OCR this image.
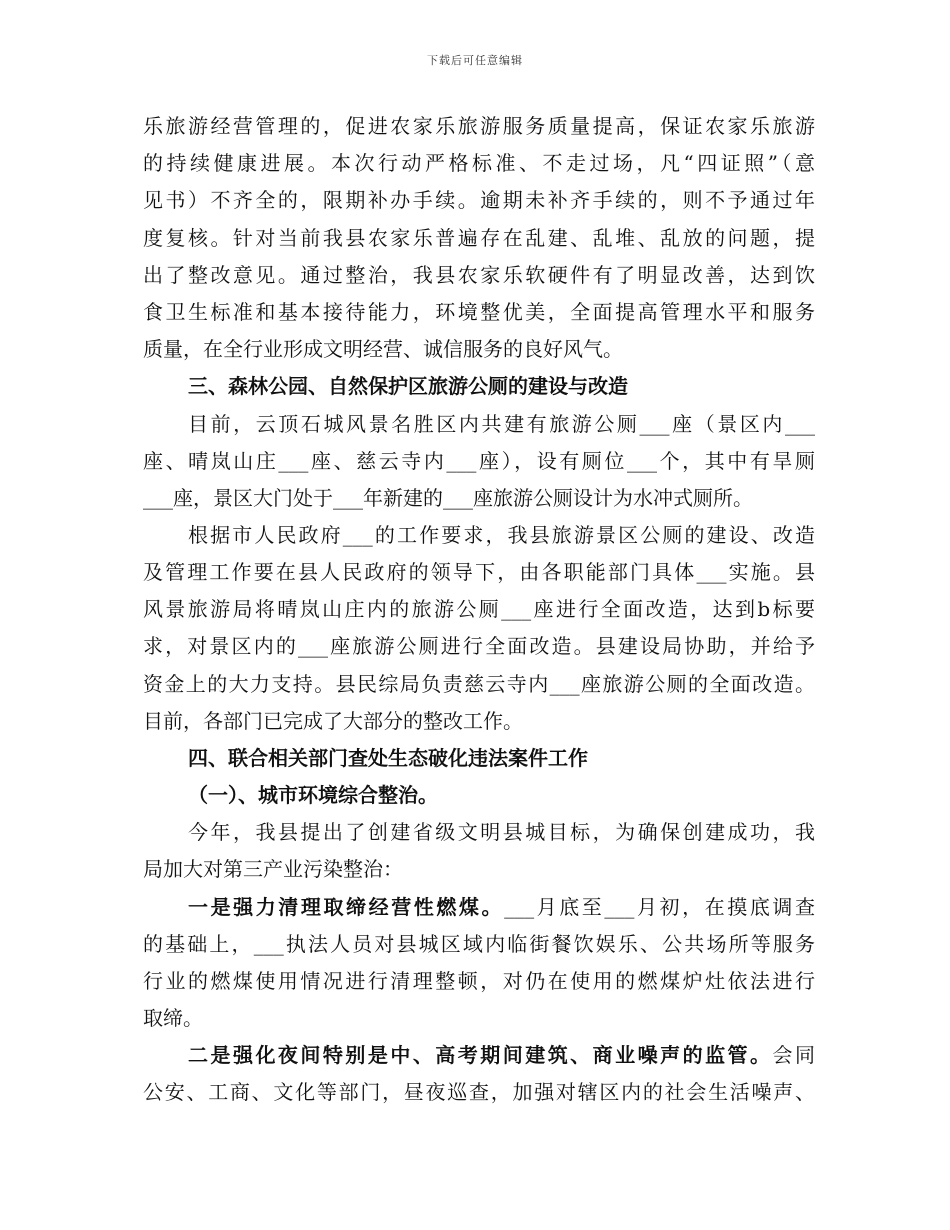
下载后可任意编辑
乐旅游经营管理的，促进农家乐旅游服务质量提高，保证农家乐旅游
的持续健康进展。本次行动严格标准、不走过场，凡“四证照”（意
见书）不齐全的，限期补办手续。逾期未补齐手续的，则不予通过年
度复核。针对当前我县农家乐普遍存在乱建、乱堆、乱放的问题，提
出了整改意见。通过整治，我县农家乐软硬件有了明显改善，达到饮
食卫生标准和基本接待能力，环境整优美，全面提高管理水平和服务
质量，在全行业形成文明经营、诚信服务的良好风气。
三、森林公园、自然保护区旅游公厕的建设与改造
目前，云顶石城风景名胜区内共建有旅游公厕___座（景区内___
座、晴岚山庄___座、慈云寺内___座），设有厕位___个，其中有旱厕
___座，景区大门处于___年新建的___座旅游公厕设计为水冲式厕所。
根据市人民政府___的工作要求，我县旅游景区公厕的建设、改造
及管理工作要在县人民政府的领导下，由各职能部门具体___实施。县
风景旅游局将晴岚山庄内的旅游公厕___座进行全面改造，达到b标要
求，对景区内的___座旅游公厕进行全面改造。县建设局协助，并给予
资金上的大力支持。县民综局负责慈云寺内___座旅游公厕的全面改造。
目前，各部门已完成了大部分的整改工作。
四、联合相关部门查处生态破化违法案件工作
（一）、城市环境综合整治。
今年，我县提出了创建省级文明县城目标，为确保创建成功，我
局加大对第三产业污染整治：
一是强力清理取缔经营性燃煤。___月底至___月初，在摸底调查
的基础上，___执法人员对县城区域内临街餐饮娱乐、公共场所等服务
行业的燃煤使用情况进行清理整顿，对仍在使用的燃煤炉灶依法进行
取缔。
二是强化夜间特别是中、高考期间建筑、商业噪声的监管。会同
公安、工商、文化等部门，昼夜巡查，加强对辖区内的社会生活噪声、
